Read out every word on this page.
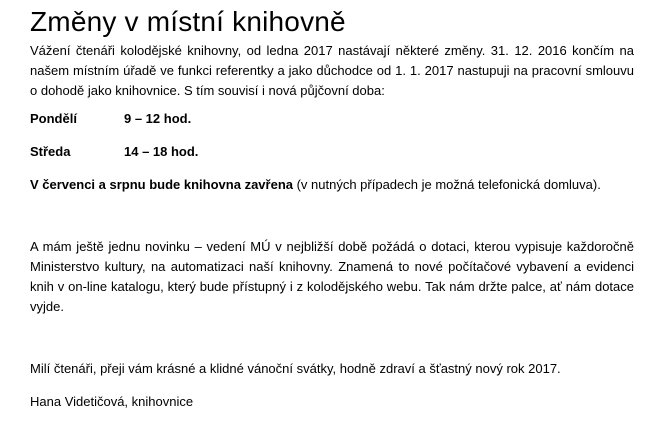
Změny v místní knihovně

Vážení čtenáři kolodějské knihovny, od ledna 2017 nastávají některé změny. 31. 12. 2016 končím na našem místním úřadě ve funkci referentky a jako důchodce od 1. 1. 2017 nastupuji na pracovní smlouvu o dohodě jako knihovnice. S tím souvisí i nová půjčovní doba:

Pondělí	9 – 12 hod.
Středa	14 – 18 hod.

V červenci a srpnu bude knihovna zavřena (v nutných případech je možná telefonická domluva).

A mám ještě jednu novinku – vedení MÚ v nejbližší době požádá o dotaci, kterou vypisuje každoročně Ministerstvo kultury, na automatizaci naší knihovny. Znamená to nové počítačové vybavení a evidenci knih v on-line katalogu, který bude přístupný i z kolodějského webu. Tak nám držte palce, ať nám dotace vyjde.

Milí čtenáři, přeji vám krásné a klidné vánoční svátky, hodně zdraví a šťastný nový rok 2017.

Hana Videtičová, knihovnice
